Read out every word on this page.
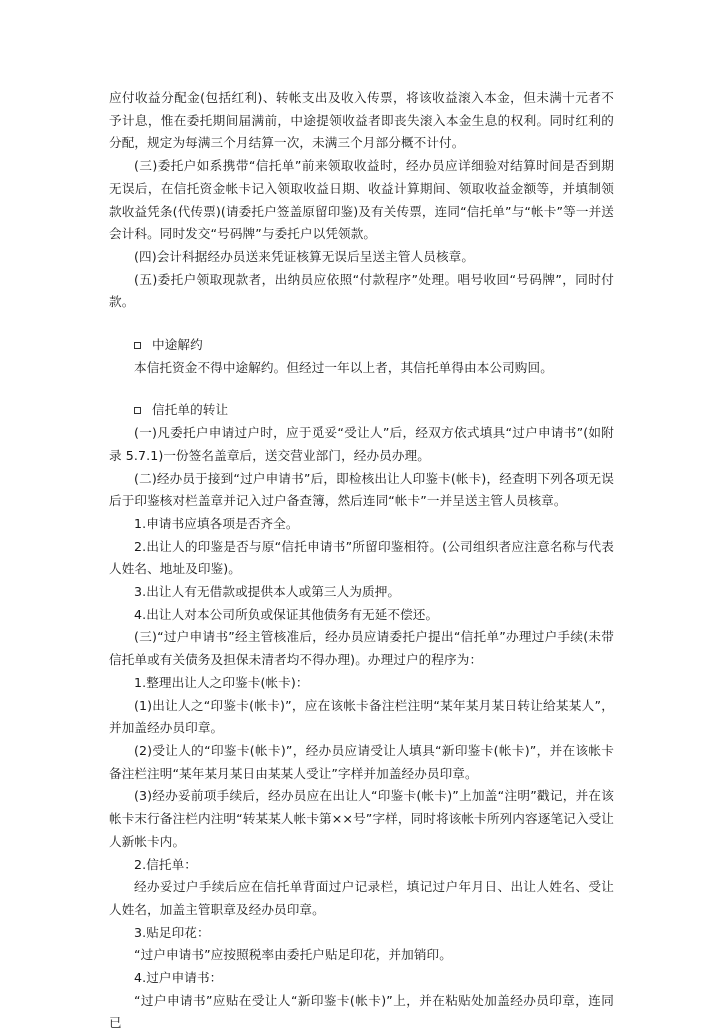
应付收益分配金(包括红利)、转帐支出及收入传票，将该收益滚入本金，但未满十元者不予计息，惟在委托期间届满前，中途提领收益者即丧失滚入本金生息的权利。同时红利的分配，规定为每满三个月结算一次，未满三个月部分概不计付。

(三)委托户如系携带“信托单”前来领取收益时，经办员应详细验对结算时间是否到期无误后，在信托资金帐卡记入领取收益日期、收益计算期间、领取收益金额等，并填制领款收益凭条(代传票)(请委托户签盖原留印鉴)及有关传票，连同“信托单”与“帐卡”等一并送会计科。同时发交“号码牌”与委托户以凭领款。

(四)会计科据经办员送来凭证核算无误后呈送主管人员核章。

(五)委托户领取现款者，出纳员应依照“付款程序”处理。唱号收回“号码牌”，同时付款。

中途解约

本信托资金不得中途解约。但经过一年以上者，其信托单得由本公司购回。

信托单的转让

(一)凡委托户申请过户时，应于觅妥“受让人”后，经双方依式填具“过户申请书”(如附录 5.7.1)一份签名盖章后，送交营业部门，经办员办理。

(二)经办员于接到“过户申请书”后，即检核出让人印鉴卡(帐卡)，经查明下列各项无误后于印鉴核对栏盖章并记入过户备查簿，然后连同“帐卡”一并呈送主管人员核章。

1.申请书应填各项是否齐全。

2.出让人的印鉴是否与原“信托申请书”所留印鉴相符。(公司组织者应注意名称与代表人姓名、地址及印鉴)。

3.出让人有无借款或提供本人或第三人为质押。

4.出让人对本公司所负或保证其他债务有无延不偿还。

(三)“过户申请书”经主管核准后，经办员应请委托户提出“信托单”办理过户手续(未带信托单或有关债务及担保未清者均不得办理)。办理过户的程序为：

1.整理出让人之印鉴卡(帐卡)：

(1)出让人之“印鉴卡(帐卡)”，应在该帐卡备注栏注明“某年某月某日转让给某某人”，并加盖经办员印章。

(2)受让人的“印鉴卡(帐卡)”，经办员应请受让人填具“新印鉴卡(帐卡)”，并在该帐卡备注栏注明“某年某月某日由某某人受让”字样并加盖经办员印章。

(3)经办妥前项手续后，经办员应在出让人“印鉴卡(帐卡)”上加盖“注明”戳记，并在该帐卡末行备注栏内注明“转某某人帐卡第××号”字样，同时将该帐卡所列内容逐笔记入受让人新帐卡内。

2.信托单：

经办妥过户手续后应在信托单背面过户记录栏，填记过户年月日、出让人姓名、受让人姓名，加盖主管职章及经办员印章。

3.贴足印花：

“过户申请书”应按照税率由委托户贴足印花，并加销印。

4.过户申请书：

“过户申请书”应贴在受让人“新印鉴卡(帐卡)”上，并在粘贴处加盖经办员印章，连同已
